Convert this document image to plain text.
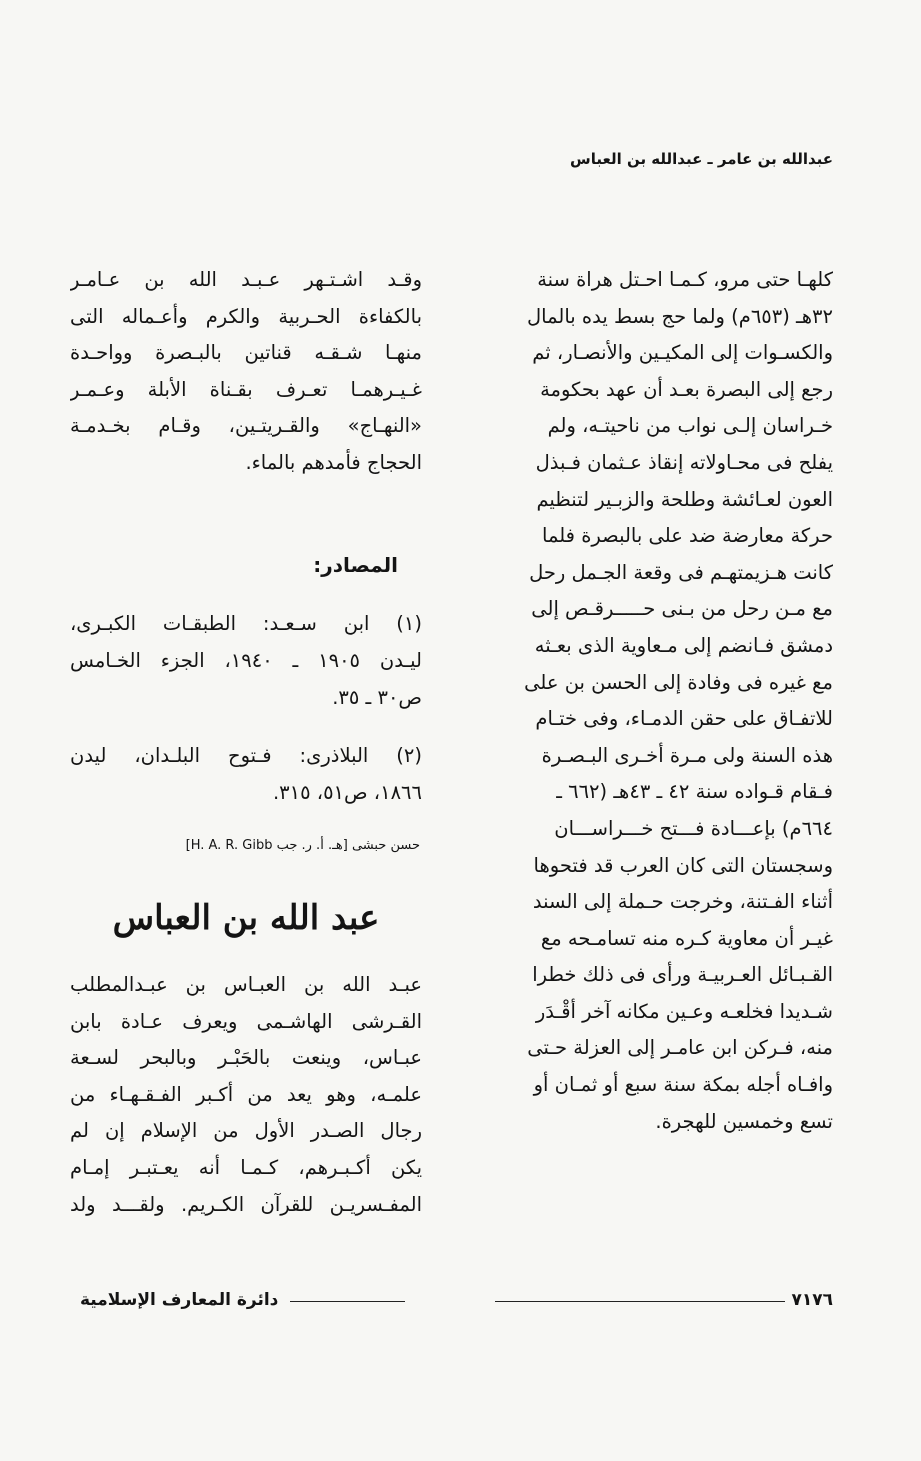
عبدالله بن عامر ـ عبدالله بن العباس
كلهـا حتى مرو، كـمـا احـتل هراة سنة
٣٢هـ (٦٥٣م) ولما حج بسط يده بالمال
والكسـوات إلى المكيـين والأنصـار، ثم
رجع إلى البصرة بعـد أن عهد بحكومة
خـراسان إلـى نواب من ناحيتـه، ولم
يفلح فى محـاولاته إنقاذ عـثمان فـبذل
العون لعـائشة وطلحة والزبـير لتنظيم
حركة معارضة ضد على بالبصرة فلما
كانت هـزيمتهـم فى وقعة الجـمل رحل
مع مـن رحل من بـنى حـــــرقـص إلى
دمشق فـانضم إلى مـعاوية الذى بعـثه
مع غيره فى وفادة إلى الحسن بن على
للاتفـاق على حقن الدمـاء، وفى ختـام
هذه السنة ولى مـرة أخـرى البـصـرة
فـقام قـواده سنة ٤٢ ـ ٤٣هـ (٦٦٢ ـ
٦٦٤م) بإعـــادة فـــتح خـــراســـان
وسجستان التى كان العرب قد فتحوها
أثناء الفـتنة، وخرجت حـملة إلى السند
غيـر أن معاوية كـره منه تسامـحه مع
القـبـائل العـربيـة ورأى فى ذلك خطرا
شـديدا فخلعـه وعـين مكانه آخر أقْـدَر
منه، فـركن ابن عامـر إلى العزلة حـتى
وافـاه أجله بمكة سنة سبع أو ثمـان أو
تسع وخمسين للهجرة.
وقـد اشـتـهر عـبـد الله بن عـامـر
بالكفاءة الحـربية والكرم وأعـماله التى
منهـا شـقـه قناتين بالبـصرة وواحـدة
غـيـرهمـا تعـرف بقـناة الأبلة وعـمـر
«النهـاج» والقـريتـين، وقـام بخـدمـة
الحجاج فأمدهم بالماء.
المصادر:
(١) ابن سـعـد: الطبقـات الكبـرى،
ليـدن ١٩٠٥ ـ ١٩٤٠، الجزء الخـامس
ص٣٠ ـ ٣٥.
(٢) البلاذرى: فـتوح البلـدان، ليدن
١٨٦٦، ص٥١، ٣١٥.
حسن حبشى [هـ. أ. ر. جب H. A. R. Gibb]
عبد الله بن العباس
عبـد الله بن العبـاس بن عبـدالمطلب
القـرشى الهاشـمى ويعرف عـادة بابن
عبـاس، وينعت بالحَبْـر وبالبحر لسـعة
علمـه، وهو يعد من أكـبر الفـقـهـاء من
رجال الصـدر الأول من الإسلام إن لم
يكن أكـبـرهم، كـمـا أنه يعـتبـر إمـام
المفـسريـن للقرآن الكـريم. ولقـــد ولد
٧١٧٦
دائرة المعارف الإسلامية
